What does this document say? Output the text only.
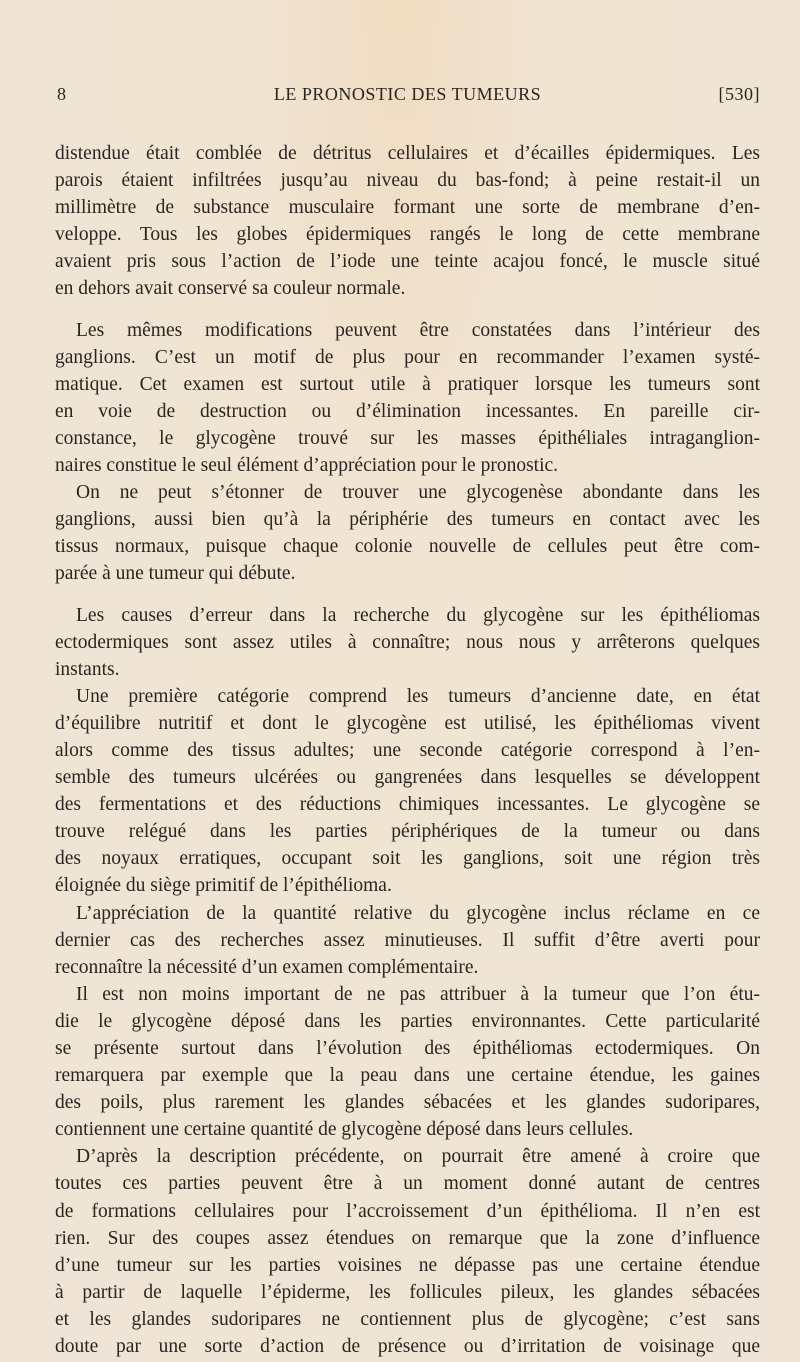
8	LE PRONOSTIC DES TUMEURS	[530]
distendue était comblée de détritus cellulaires et d’écailles épidermiques. Les
parois étaient infiltrées jusqu’au niveau du bas-fond; à peine restait-il un
millimètre de substance musculaire formant une sorte de membrane d’en-
veloppe. Tous les globes épidermiques rangés le long de cette membrane
avaient pris sous l’action de l’iode une teinte acajou foncé, le muscle situé
en dehors avait conservé sa couleur normale.
Les mêmes modifications peuvent être constatées dans l’intérieur des
ganglions. C’est un motif de plus pour en recommander l’examen systé-
matique. Cet examen est surtout utile à pratiquer lorsque les tumeurs sont
en voie de destruction ou d’élimination incessantes. En pareille cir-
constance, le glycogène trouvé sur les masses épithéliales intraganglion-
naires constitue le seul élément d’appréciation pour le pronostic.
On ne peut s’étonner de trouver une glycogenèse abondante dans les
ganglions, aussi bien qu’à la périphérie des tumeurs en contact avec les
tissus normaux, puisque chaque colonie nouvelle de cellules peut être com-
parée à une tumeur qui débute.
Les causes d’erreur dans la recherche du glycogène sur les épithéliomas
ectodermiques sont assez utiles à connaître; nous nous y arrêterons quelques
instants.
Une première catégorie comprend les tumeurs d’ancienne date, en état
d’équilibre nutritif et dont le glycogène est utilisé, les épithéliomas vivent
alors comme des tissus adultes; une seconde catégorie correspond à l’en-
semble des tumeurs ulcérées ou gangrenées dans lesquelles se développent
des fermentations et des réductions chimiques incessantes. Le glycogène se
trouve relégué dans les parties périphériques de la tumeur ou dans
des noyaux erratiques, occupant soit les ganglions, soit une région très
éloignée du siège primitif de l’épithélioma.
L’appréciation de la quantité relative du glycogène inclus réclame en ce
dernier cas des recherches assez minutieuses. Il suffit d’être averti pour
reconnaître la nécessité d’un examen complémentaire.
Il est non moins important de ne pas attribuer à la tumeur que l’on étu-
die le glycogène déposé dans les parties environnantes. Cette particularité
se présente surtout dans l’évolution des épithéliomas ectodermiques. On
remarquera par exemple que la peau dans une certaine étendue, les gaines
des poils, plus rarement les glandes sébacées et les glandes sudoripares,
contiennent une certaine quantité de glycogène déposé dans leurs cellules.
D’après la description précédente, on pourrait être amené à croire que
toutes ces parties peuvent être à un moment donné autant de centres
de formations cellulaires pour l’accroissement d’un épithélioma. Il n’en est
rien. Sur des coupes assez étendues on remarque que la zone d’influence
d’une tumeur sur les parties voisines ne dépasse pas une certaine étendue
à partir de laquelle l’épiderme, les follicules pileux, les glandes sébacées
et les glandes sudoripares ne contiennent plus de glycogène; c’est sans
doute par une sorte d’action de présence ou d’irritation de voisinage que
